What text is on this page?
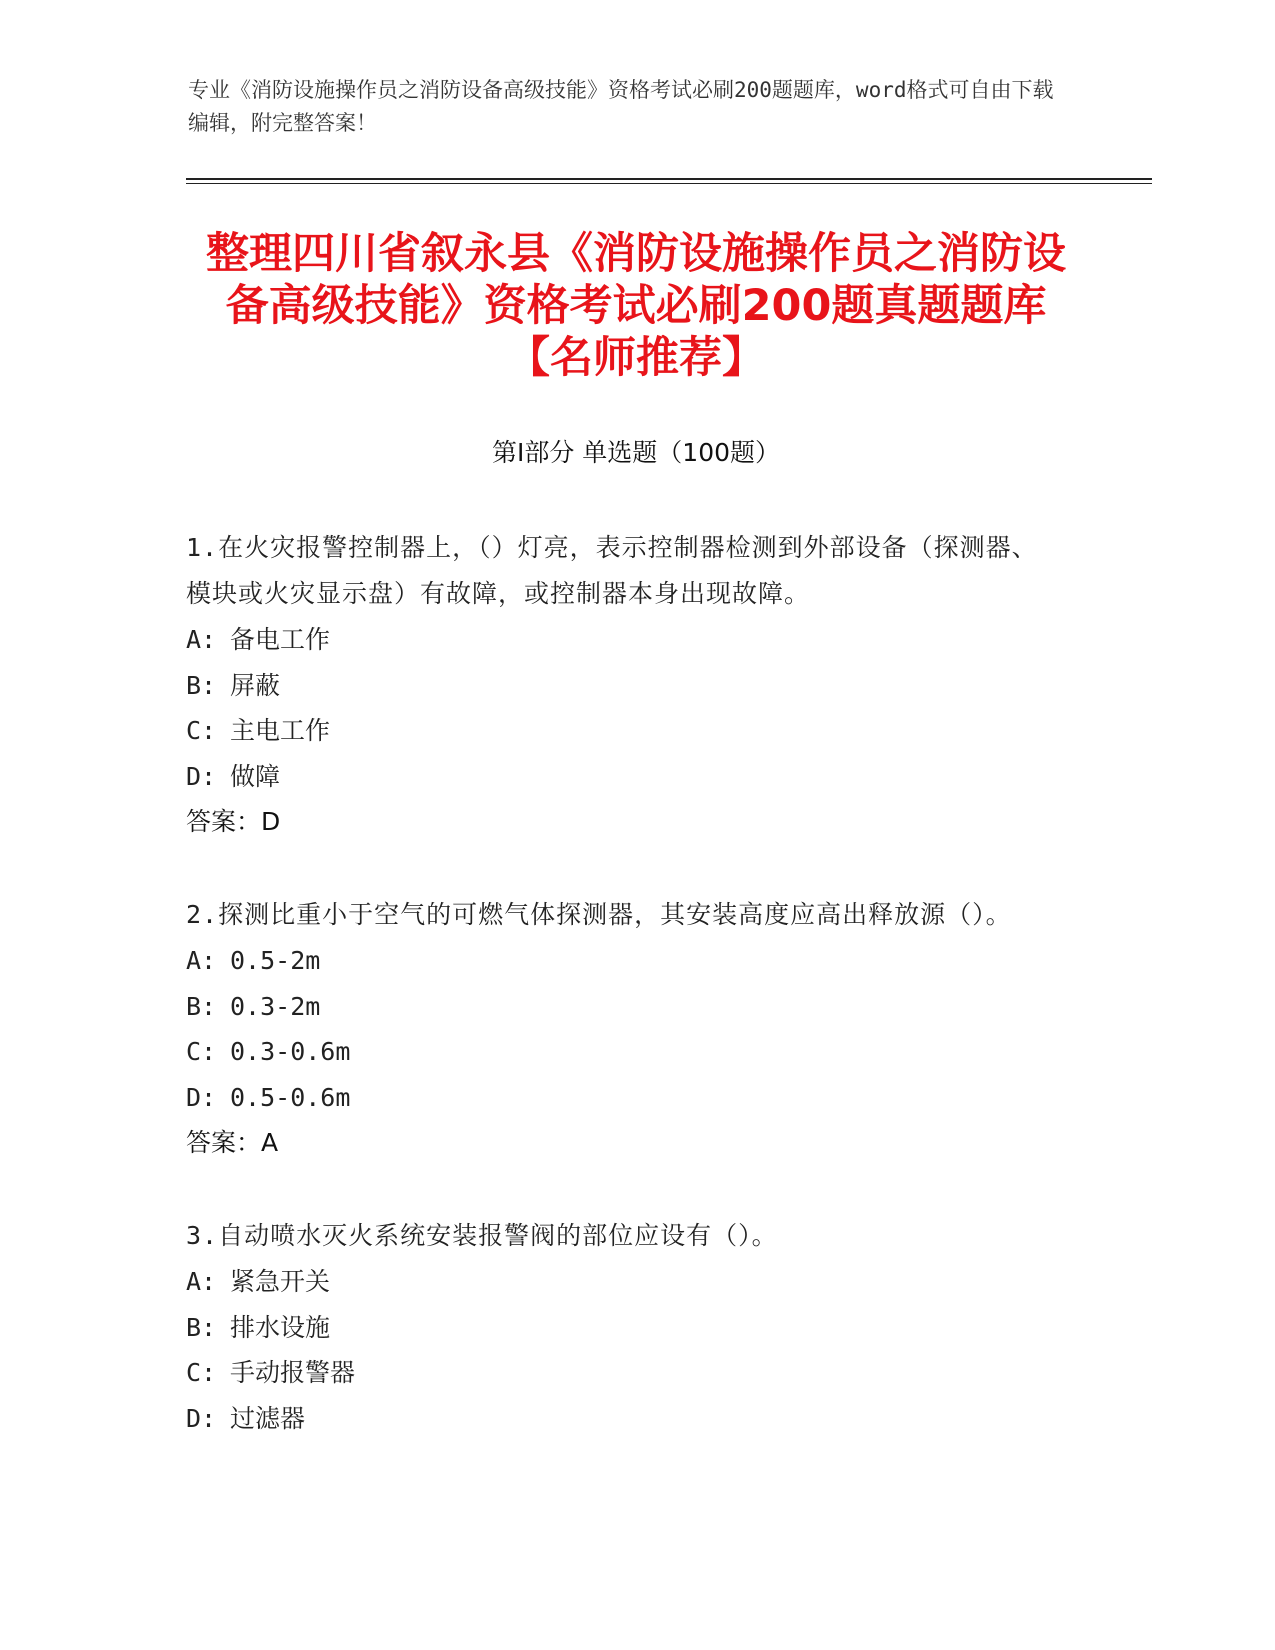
专业《消防设施操作员之消防设备高级技能》资格考试必刷200题题库，word格式可自由下载编辑，附完整答案！
整理四川省叙永县《消防设施操作员之消防设备高级技能》资格考试必刷200题真题题库【名师推荐】
第Ⅰ部分 单选题（100题）
1.在火灾报警控制器上，（）灯亮，表示控制器检测到外部设备（探测器、模块或火灾显示盘）有故障，或控制器本身出现故障。
A: 备电工作
B: 屏蔽
C: 主电工作
D: 做障
答案：D
2.探测比重小于空气的可燃气体探测器，其安装高度应高出释放源（）。
A: 0.5-2m
B: 0.3-2m
C: 0.3-0.6m
D: 0.5-0.6m
答案：A
3.自动喷水灭火系统安装报警阀的部位应设有（）。
A: 紧急开关
B: 排水设施
C: 手动报警器
D: 过滤器
